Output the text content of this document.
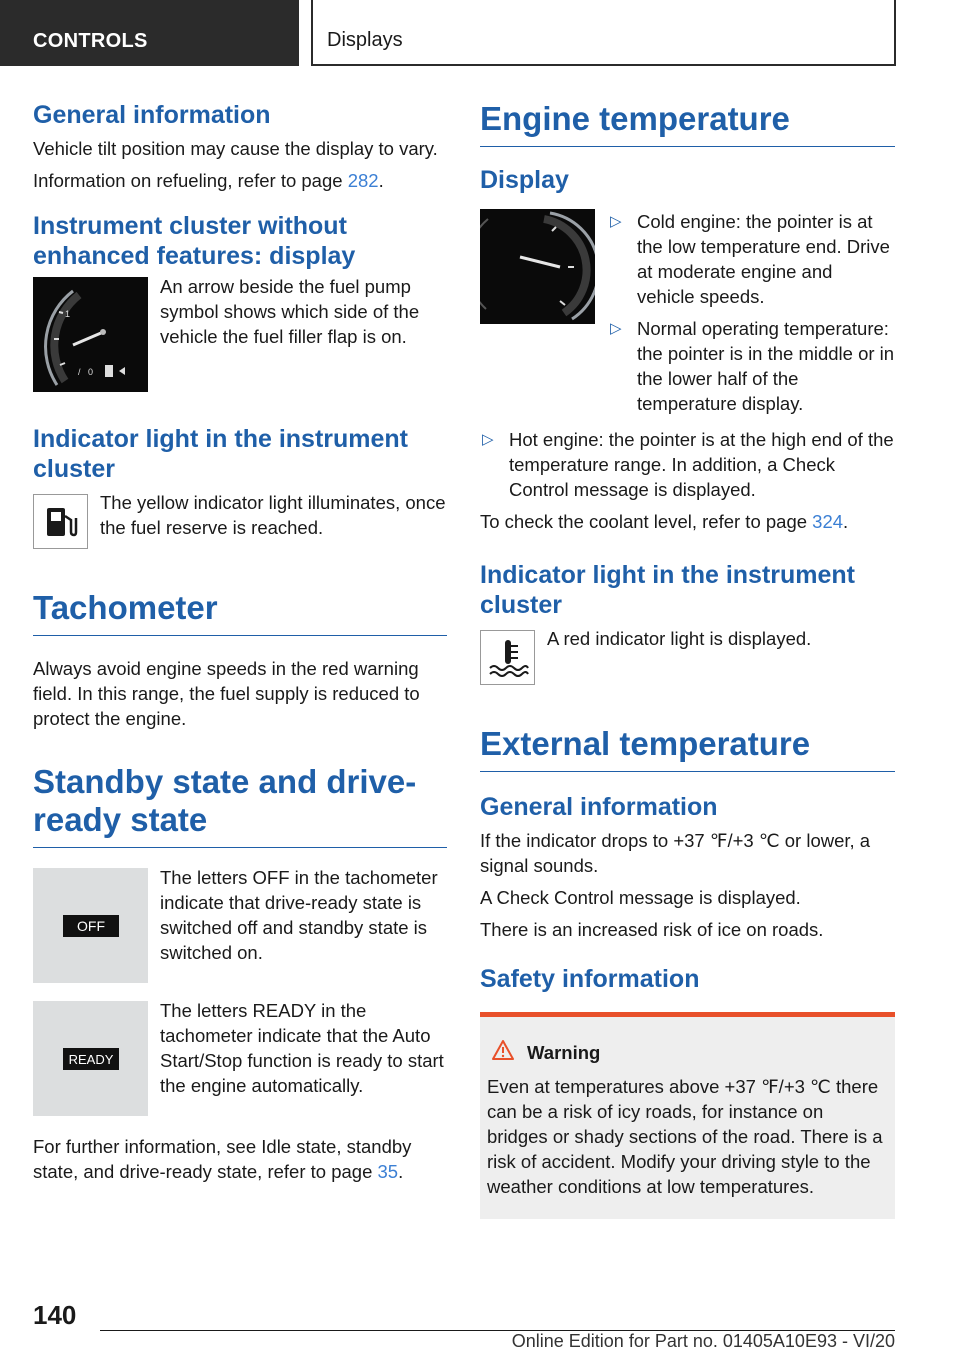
CONTROLS	Displays
General information

Vehicle tilt position may cause the display to vary.

Information on refueling, refer to page 282.

Instrument cluster without enhanced features: display
1
/ 0

An arrow beside the fuel pump symbol shows which side of the vehicle the fuel filler flap is on.

Indicator light in the instrument cluster

The yellow indicator light illuminates, once the fuel reserve is reached.

Tachometer

Always avoid engine speeds in the red warning field. In this range, the fuel supply is reduced to protect the engine.

Standby state and drive-ready state
OFF

The letters OFF in the tachometer indicate that drive-ready state is switched off and standby state is switched on.

READY

The letters READY in the tachometer indicate that the Auto Start/Stop function is ready to start the engine automatically.

For further information, see Idle state, standby state, and drive-ready state, refer to page 35.

Engine temperature
Display
▷ Cold engine: the pointer is at the low temperature end. Drive at moderate engine and vehicle speeds.
▷ Normal operating temperature: the pointer is in the middle or in the lower half of the temperature display.
▷ Hot engine: the pointer is at the high end of the temperature range. In addition, a Check Control message is displayed.

To check the coolant level, refer to page 324.

Indicator light in the instrument cluster

A red indicator light is displayed.

External temperature
General information

If the indicator drops to +37 ℉/+3 ℃ or lower, a signal sounds.

A Check Control message is displayed.

There is an increased risk of ice on roads.

Safety information
Warning

Even at temperatures above +37 ℉/+3 ℃ there can be a risk of icy roads, for instance on bridges or shady sections of the road. There is a risk of accident. Modify your driving style to the weather conditions at low temperatures.

140
Online Edition for Part no. 01405A10E93 - VI/20
